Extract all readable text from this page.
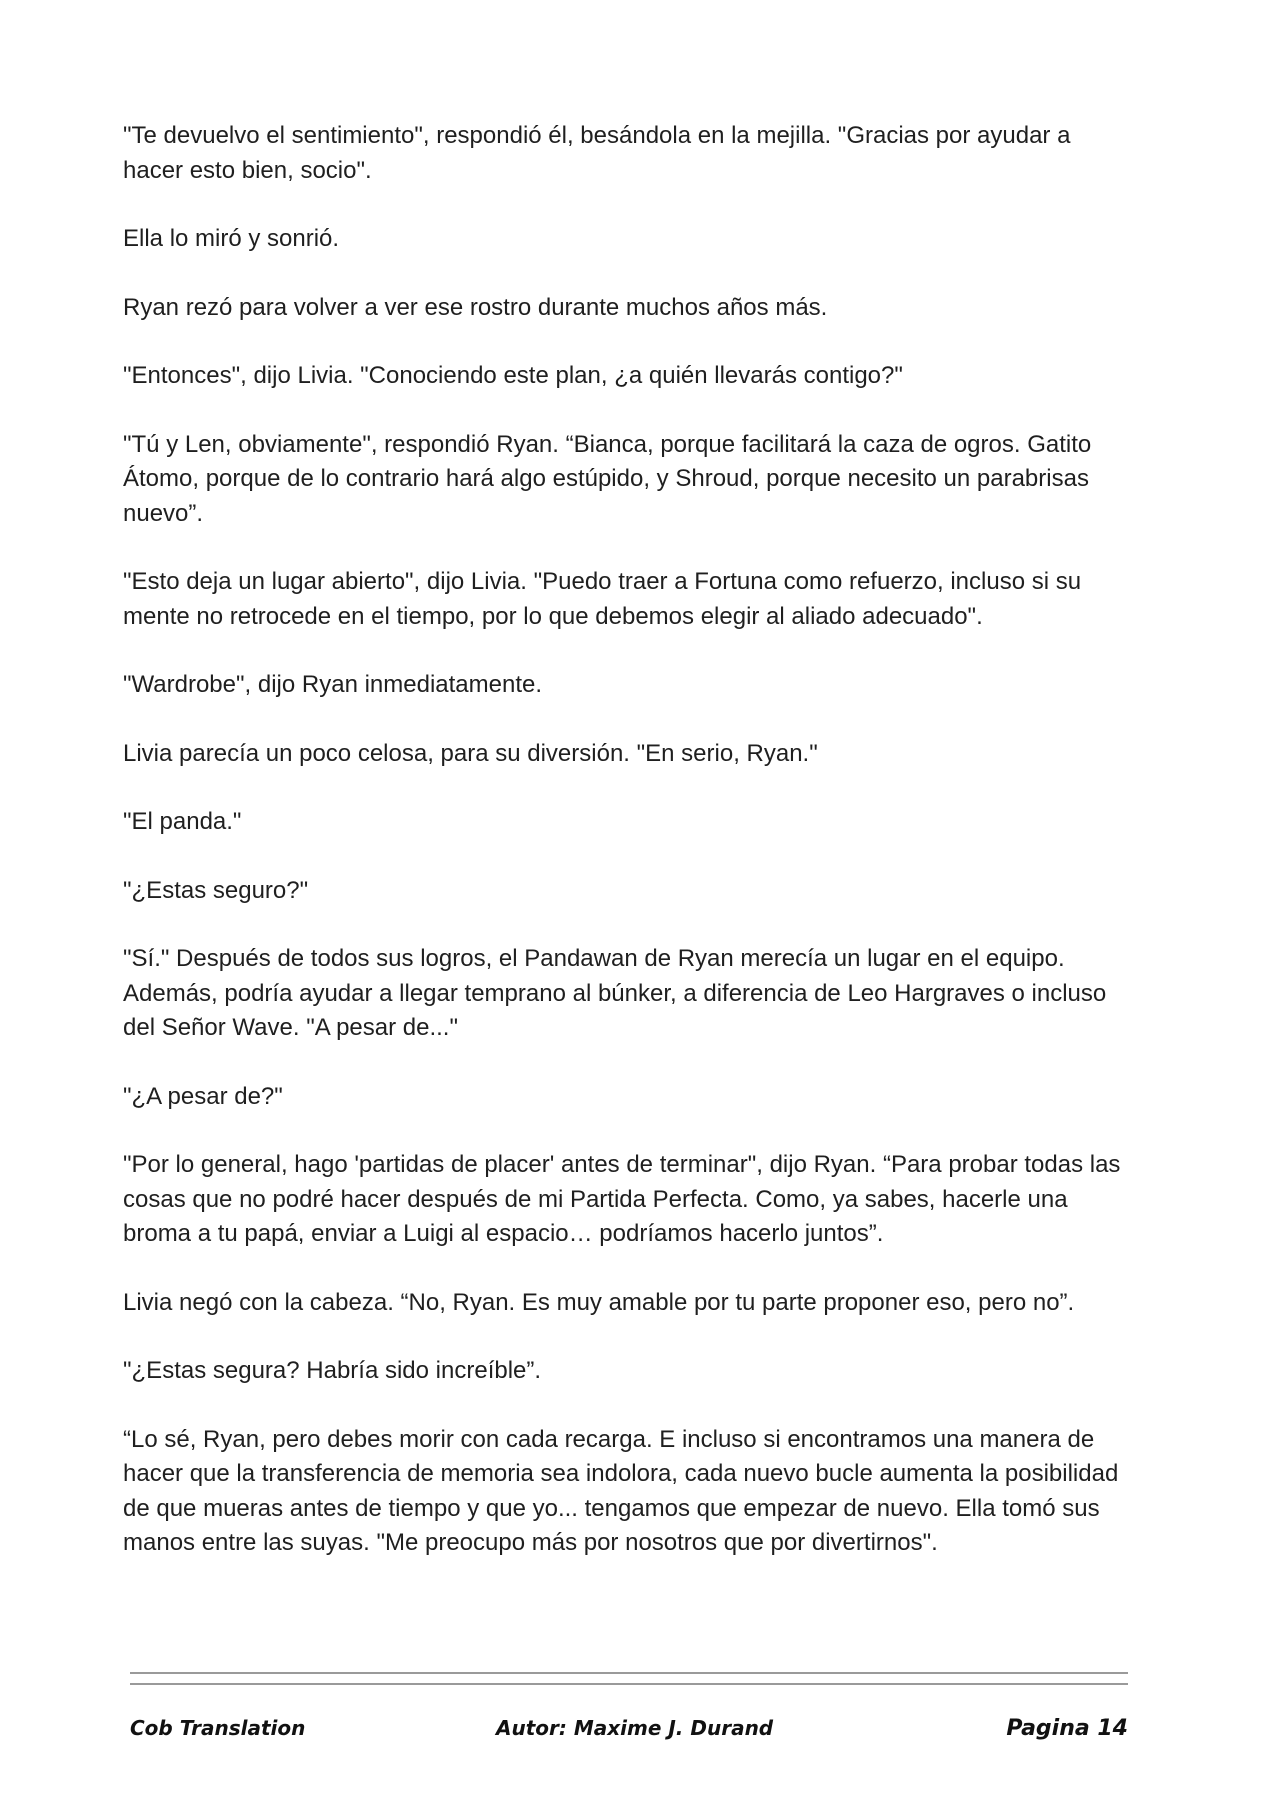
"Te devuelvo el sentimiento", respondió él, besándola en la mejilla. "Gracias por ayudar a hacer esto bien, socio".

Ella lo miró y sonrió.

Ryan rezó para volver a ver ese rostro durante muchos años más.

"Entonces", dijo Livia. "Conociendo este plan, ¿a quién llevarás contigo?"

"Tú y Len, obviamente", respondió Ryan. “Bianca, porque facilitará la caza de ogros. Gatito Átomo, porque de lo contrario hará algo estúpido, y Shroud, porque necesito un parabrisas nuevo”.

"Esto deja un lugar abierto", dijo Livia. "Puedo traer a Fortuna como refuerzo, incluso si su mente no retrocede en el tiempo, por lo que debemos elegir al aliado adecuado".

"Wardrobe", dijo Ryan inmediatamente.

Livia parecía un poco celosa, para su diversión. "En serio, Ryan."

"El panda."

"¿Estas seguro?"

"Sí." Después de todos sus logros, el Pandawan de Ryan merecía un lugar en el equipo. Además, podría ayudar a llegar temprano al búnker, a diferencia de Leo Hargraves o incluso del Señor Wave. "A pesar de..."

"¿A pesar de?"

"Por lo general, hago 'partidas de placer' antes de terminar", dijo Ryan. “Para probar todas las cosas que no podré hacer después de mi Partida Perfecta. Como, ya sabes, hacerle una broma a tu papá, enviar a Luigi al espacio… podríamos hacerlo juntos”.

Livia negó con la cabeza. “No, Ryan. Es muy amable por tu parte proponer eso, pero no”.

"¿Estas segura? Habría sido increíble”.

“Lo sé, Ryan, pero debes morir con cada recarga. E incluso si encontramos una manera de hacer que la transferencia de memoria sea indolora, cada nuevo bucle aumenta la posibilidad de que mueras antes de tiempo y que yo... tengamos que empezar de nuevo. Ella tomó sus manos entre las suyas. "Me preocupo más por nosotros que por divertirnos".

Cob Translation	Autor: Maxime J. Durand	Pagina 14
